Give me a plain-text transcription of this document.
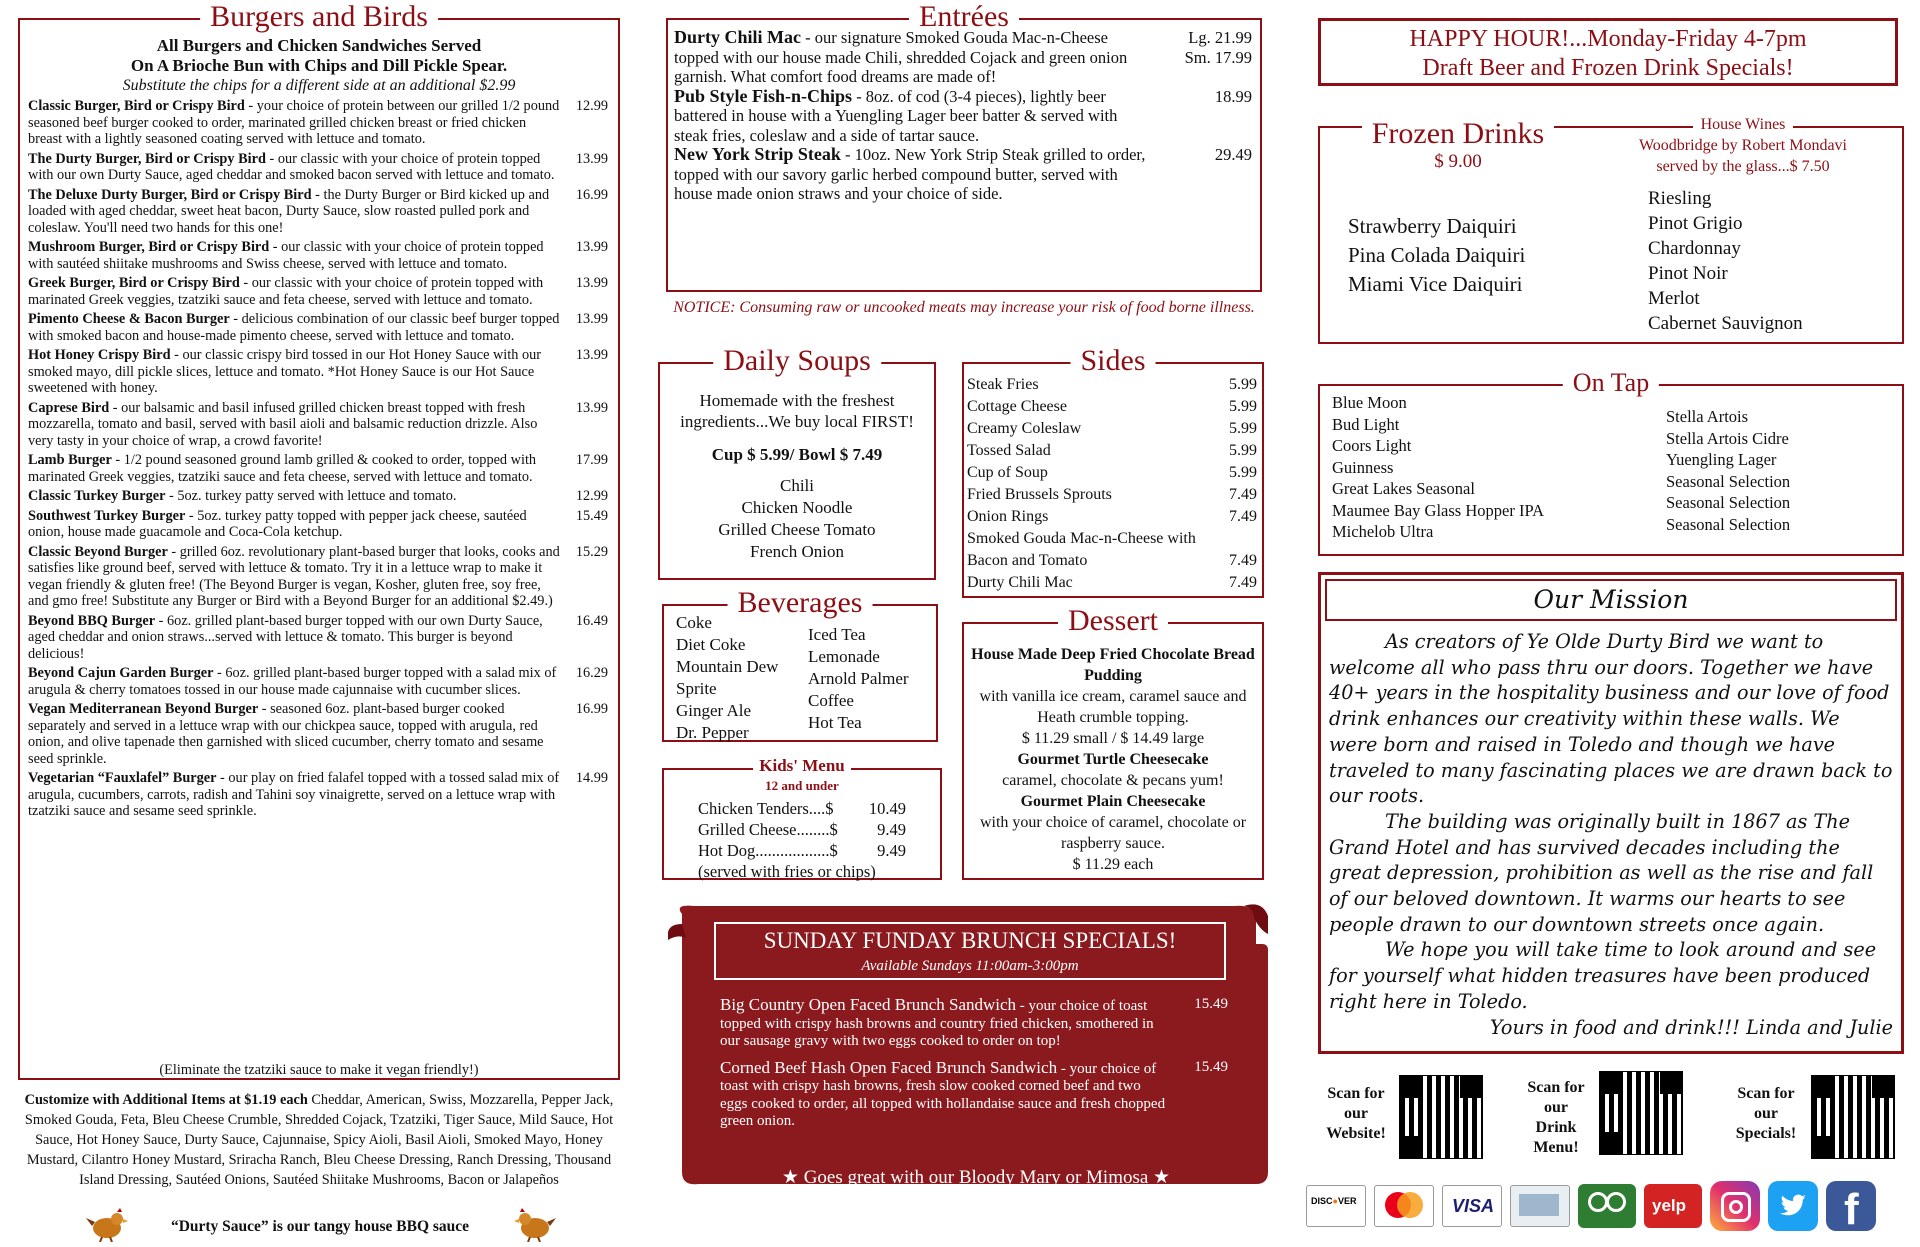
Burgers and Birds
All Burgers and Chicken Sandwiches Served
On A Brioche Bun with Chips and Dill Pickle Spear.
Substitute the chips for a different side at an additional $2.99
Classic Burger, Bird or Crispy Bird - your choice of protein between our grilled 1/2 pound seasoned beef burger cooked to order, marinated grilled chicken breast or fried chicken breast with a lightly seasoned coating served with lettuce and tomato.
12.99
The Durty Burger, Bird or Crispy Bird - our classic with your choice of protein topped with our own Durty Sauce, aged cheddar and smoked bacon served with lettuce and tomato.
13.99
The Deluxe Durty Burger, Bird or Crispy Bird - the Durty Burger or Bird kicked up and loaded with aged cheddar, sweet heat bacon, Durty Sauce, slow roasted pulled pork and coleslaw. You'll need two hands for this one!
16.99
Mushroom Burger, Bird or Crispy Bird - our classic with your choice of protein topped with sautéed shiitake mushrooms and Swiss cheese, served with lettuce and tomato.
13.99
Greek Burger, Bird or Crispy Bird - our classic with your choice of protein topped with marinated Greek veggies, tzatziki sauce and feta cheese, served with lettuce and tomato.
13.99
Pimento Cheese & Bacon Burger - delicious combination of our classic beef burger topped with smoked bacon and house-made pimento cheese, served with lettuce and tomato.
13.99
Hot Honey Crispy Bird - our classic crispy bird tossed in our Hot Honey Sauce with our smoked mayo, dill pickle slices, lettuce and tomato. *Hot Honey Sauce is our Hot Sauce sweetened with honey.
13.99
Caprese Bird - our balsamic and basil infused grilled chicken breast topped with fresh mozzarella, tomato and basil, served with basil aioli and balsamic reduction drizzle. Also very tasty in your choice of wrap, a crowd favorite!
13.99
Lamb Burger - 1/2 pound seasoned ground lamb grilled & cooked to order, topped with marinated Greek veggies, tzatziki sauce and feta cheese, served with lettuce and tomato.
17.99
Classic Turkey Burger - 5oz. turkey patty served with lettuce and tomato.	12.99
Southwest Turkey Burger - 5oz. turkey patty topped with pepper jack cheese, sautéed onion, house made guacamole and Coca-Cola ketchup.
15.49
Classic Beyond Burger - grilled 6oz. revolutionary plant-based burger that looks, cooks and satisfies like ground beef, served with lettuce & tomato. Try it in a lettuce wrap to make it vegan friendly & gluten free! (The Beyond Burger is vegan, Kosher, gluten free, soy free, and gmo free! Substitute any Burger or Bird with a Beyond Burger for an additional $2.49.)
15.29
Beyond BBQ Burger - 6oz. grilled plant-based burger topped with our own Durty Sauce, aged cheddar and onion straws...served with lettuce & tomato. This burger is beyond delicious!
16.49
Beyond Cajun Garden Burger - 6oz. grilled plant-based burger topped with a salad mix of arugula & cherry tomatoes tossed in our house made cajunnaise with cucumber slices.
16.29
Vegan Mediterranean Beyond Burger - seasoned 6oz. plant-based burger cooked separately and served in a lettuce wrap with our chickpea sauce, topped with arugula, red onion, and olive tapenade then garnished with sliced cucumber, cherry tomato and sesame seed sprinkle.
16.99
Vegetarian “Fauxlafel” Burger - our play on fried falafel topped with a tossed salad mix of arugula, cucumbers, carrots, radish and Tahini soy vinaigrette, served on a lettuce wrap with tzatziki sauce and sesame seed sprinkle.
14.99
(Eliminate the tzatziki sauce to make it vegan friendly!)
Customize with Additional Items at $1.19 each Cheddar, American, Swiss, Mozzarella, Pepper Jack, Smoked Gouda, Feta, Bleu Cheese Crumble, Shredded Cojack, Tzatziki, Tiger Sauce, Mild Sauce, Hot Sauce, Hot Honey Sauce, Durty Sauce, Cajunnaise, Spicy Aioli, Basil Aioli, Smoked Mayo, Honey Mustard, Cilantro Honey Mustard, Sriracha Ranch, Bleu Cheese Dressing, Ranch Dressing, Thousand Island Dressing, Sautéed Onions, Sautéed Shiitake Mushrooms, Bacon or Jalapeños
“Durty Sauce” is our tangy house BBQ sauce
Entrées
Durty Chili Mac - our signature Smoked Gouda Mac-n-Cheese topped with our house made Chili, shredded Cojack and green onion garnish. What comfort food dreams are made of!
Lg. 21.99
Sm. 17.99
Pub Style Fish-n-Chips - 8oz. of cod (3-4 pieces), lightly beer battered in house with a Yuengling Lager beer batter & served with steak fries, coleslaw and a side of tartar sauce.
18.99
New York Strip Steak - 10oz. New York Strip Steak grilled to order, topped with our savory garlic herbed compound butter, served with house made onion straws and your choice of side.
29.49
NOTICE: Consuming raw or uncooked meats may increase your risk of food borne illness.
Daily Soups
Homemade with the freshest ingredients...We buy local FIRST!
Cup $ 5.99/ Bowl $ 7.49
Chili
Chicken Noodle
Grilled Cheese Tomato
French Onion
Sides
Steak Fries	5.99
Cottage Cheese	5.99
Creamy Coleslaw	5.99
Tossed Salad	5.99
Cup of Soup	5.99
Fried Brussels Sprouts	7.49
Onion Rings	7.49
Smoked Gouda Mac-n-Cheese with Bacon and Tomato	7.49
Durty Chili Mac	7.49
Beverages
Coke
Diet Coke
Mountain Dew
Sprite
Ginger Ale
Dr. Pepper
Iced Tea
Lemonade
Arnold Palmer
Coffee
Hot Tea
Kids' Menu
12 and under
Chicken Tenders....$ 10.49
Grilled Cheese........$ 9.49
Hot Dog..................$ 9.49
(served with fries or chips)
Dessert
House Made Deep Fried Chocolate Bread Pudding
with vanilla ice cream, caramel sauce and Heath crumble topping.
$ 11.29 small / $ 14.49 large
Gourmet Turtle Cheesecake
caramel, chocolate & pecans yum!
Gourmet Plain Cheesecake
with your choice of caramel, chocolate or raspberry sauce.
$ 11.29 each
SUNDAY FUNDAY BRUNCH SPECIALS!
Available Sundays 11:00am-3:00pm
Big Country Open Faced Brunch Sandwich - your choice of toast topped with crispy hash browns and country fried chicken, smothered in our sausage gravy with two eggs cooked to order on top!
15.49
Corned Beef Hash Open Faced Brunch Sandwich - your choice of toast with crispy hash browns, fresh slow cooked corned beef and two eggs cooked to order, all topped with hollandaise sauce and fresh chopped green onion.
15.49
★ Goes great with our Bloody Mary or Mimosa ★
HAPPY HOUR!...Monday-Friday 4-7pm
Draft Beer and Frozen Drink Specials!
Frozen Drinks
$ 9.00
Strawberry Daiquiri
Pina Colada Daiquiri
Miami Vice Daiquiri
House Wines
Woodbridge by Robert Mondavi
served by the glass...$ 7.50
Riesling
Pinot Grigio
Chardonnay
Pinot Noir
Merlot
Cabernet Sauvignon
On Tap
Blue Moon
Bud Light
Coors Light
Guinness
Great Lakes Seasonal
Maumee Bay Glass Hopper IPA
Michelob Ultra
Stella Artois
Stella Artois Cidre
Yuengling Lager
Seasonal Selection
Seasonal Selection
Seasonal Selection
Our Mission
As creators of Ye Olde Durty Bird we want to welcome all who pass thru our doors. Together we have 40+ years in the hospitality business and our love of food drink enhances our creativity within these walls. We were born and raised in Toledo and though we have traveled to many fascinating places we are drawn back to our roots.
The building was originally built in 1867 as The Grand Hotel and has survived decades including the great depression, prohibition as well as the rise and fall of our beloved downtown. It warms our hearts to see people drawn to our downtown streets once again.
We hope you will take time to look around and see for yourself what hidden treasures have been produced right here in Toledo.
Yours in food and drink!!! Linda and Julie
Scan for
our
Website!
Scan for
our
Drink
Menu!
Scan for
our
Specials!
DISC●VER	VISA	yelp	f
